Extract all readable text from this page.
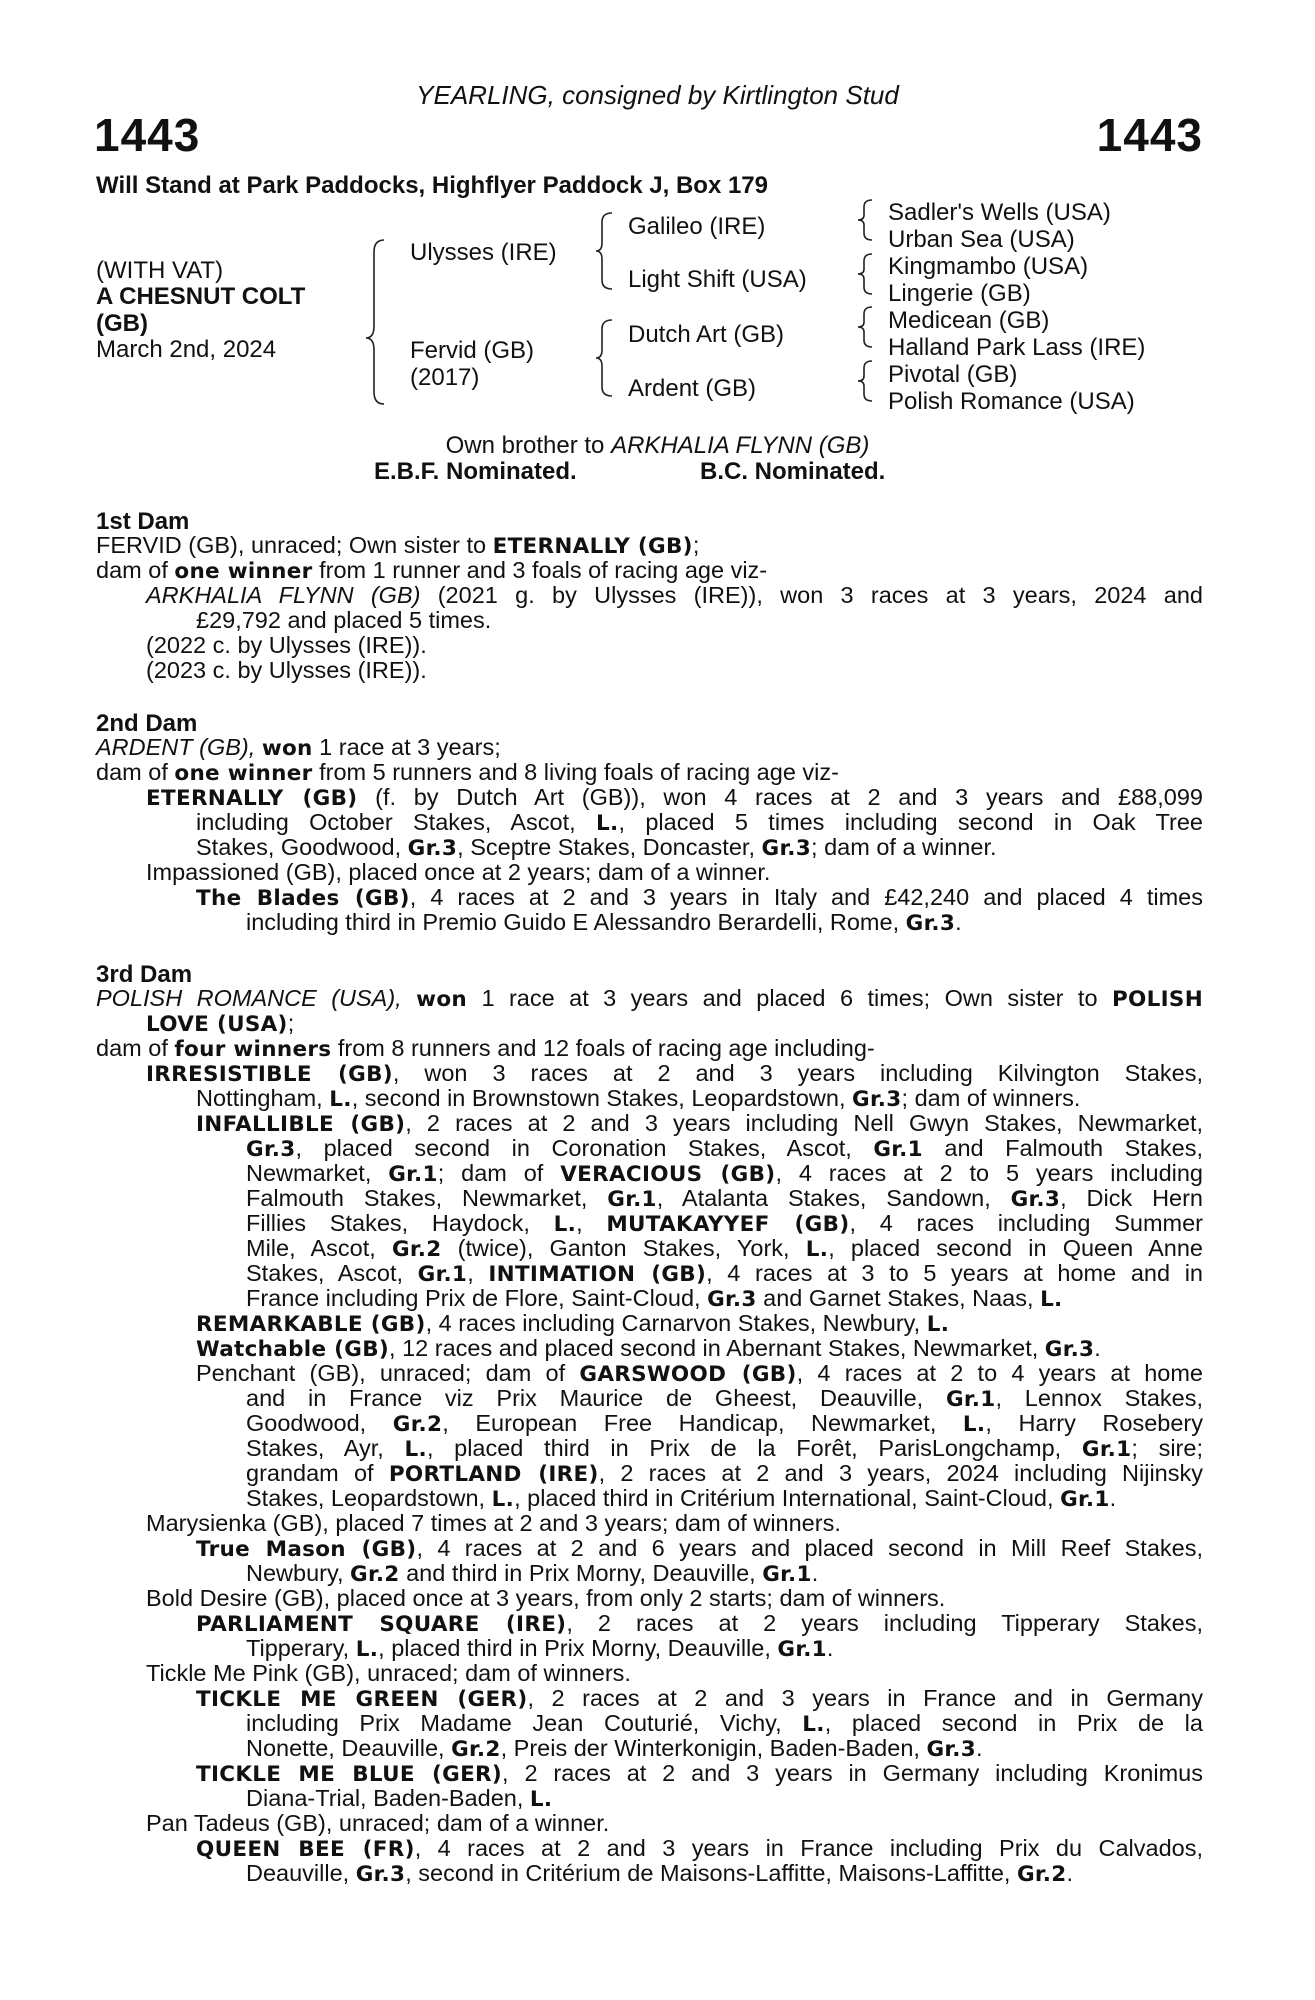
YEARLING, consigned by Kirtlington Stud
1443	1443
Will Stand at Park Paddocks, Highflyer Paddock J, Box 179
(WITH VAT)
A CHESNUT COLT
(GB)
March 2nd, 2024
Ulysses (IRE)
Fervid (GB)
(2017)
Galileo (IRE)
Light Shift (USA)
Dutch Art (GB)
Ardent (GB)
Sadler's Wells (USA)
Urban Sea (USA)
Kingmambo (USA)
Lingerie (GB)
Medicean (GB)
Halland Park Lass (IRE)
Pivotal (GB)
Polish Romance (USA)
Own brother to ARKHALIA FLYNN (GB)
E.B.F. Nominated.	B.C. Nominated.
1st Dam
FERVID (GB), unraced; Own sister to ETERNALLY (GB);
dam of one winner from 1 runner and 3 foals of racing age viz-
ARKHALIA FLYNN (GB) (2021 g. by Ulysses (IRE)), won 3 races at 3 years, 2024 and
£29,792 and placed 5 times.
(2022 c. by Ulysses (IRE)).
(2023 c. by Ulysses (IRE)).
2nd Dam
ARDENT (GB), won 1 race at 3 years;
dam of one winner from 5 runners and 8 living foals of racing age viz-
ETERNALLY (GB) (f. by Dutch Art (GB)), won 4 races at 2 and 3 years and £88,099
including October Stakes, Ascot, L., placed 5 times including second in Oak Tree
Stakes, Goodwood, Gr.3, Sceptre Stakes, Doncaster, Gr.3; dam of a winner.
Impassioned (GB), placed once at 2 years; dam of a winner.
The Blades (GB), 4 races at 2 and 3 years in Italy and £42,240 and placed 4 times
including third in Premio Guido E Alessandro Berardelli, Rome, Gr.3.
3rd Dam
POLISH ROMANCE (USA), won 1 race at 3 years and placed 6 times; Own sister to POLISH
LOVE (USA);
dam of four winners from 8 runners and 12 foals of racing age including-
IRRESISTIBLE (GB), won 3 races at 2 and 3 years including Kilvington Stakes,
Nottingham, L., second in Brownstown Stakes, Leopardstown, Gr.3; dam of winners.
INFALLIBLE (GB), 2 races at 2 and 3 years including Nell Gwyn Stakes, Newmarket,
Gr.3, placed second in Coronation Stakes, Ascot, Gr.1 and Falmouth Stakes,
Newmarket, Gr.1; dam of VERACIOUS (GB), 4 races at 2 to 5 years including
Falmouth Stakes, Newmarket, Gr.1, Atalanta Stakes, Sandown, Gr.3, Dick Hern
Fillies Stakes, Haydock, L., MUTAKAYYEF (GB), 4 races including Summer
Mile, Ascot, Gr.2 (twice), Ganton Stakes, York, L., placed second in Queen Anne
Stakes, Ascot, Gr.1, INTIMATION (GB), 4 races at 3 to 5 years at home and in
France including Prix de Flore, Saint-Cloud, Gr.3 and Garnet Stakes, Naas, L.
REMARKABLE (GB), 4 races including Carnarvon Stakes, Newbury, L.
Watchable (GB), 12 races and placed second in Abernant Stakes, Newmarket, Gr.3.
Penchant (GB), unraced; dam of GARSWOOD (GB), 4 races at 2 to 4 years at home
and in France viz Prix Maurice de Gheest, Deauville, Gr.1, Lennox Stakes,
Goodwood, Gr.2, European Free Handicap, Newmarket, L., Harry Rosebery
Stakes, Ayr, L., placed third in Prix de la Forêt, ParisLongchamp, Gr.1; sire;
grandam of PORTLAND (IRE), 2 races at 2 and 3 years, 2024 including Nijinsky
Stakes, Leopardstown, L., placed third in Critérium International, Saint-Cloud, Gr.1.
Marysienka (GB), placed 7 times at 2 and 3 years; dam of winners.
True Mason (GB), 4 races at 2 and 6 years and placed second in Mill Reef Stakes,
Newbury, Gr.2 and third in Prix Morny, Deauville, Gr.1.
Bold Desire (GB), placed once at 3 years, from only 2 starts; dam of winners.
PARLIAMENT SQUARE (IRE), 2 races at 2 years including Tipperary Stakes,
Tipperary, L., placed third in Prix Morny, Deauville, Gr.1.
Tickle Me Pink (GB), unraced; dam of winners.
TICKLE ME GREEN (GER), 2 races at 2 and 3 years in France and in Germany
including Prix Madame Jean Couturié, Vichy, L., placed second in Prix de la
Nonette, Deauville, Gr.2, Preis der Winterkonigin, Baden-Baden, Gr.3.
TICKLE ME BLUE (GER), 2 races at 2 and 3 years in Germany including Kronimus
Diana-Trial, Baden-Baden, L.
Pan Tadeus (GB), unraced; dam of a winner.
QUEEN BEE (FR), 4 races at 2 and 3 years in France including Prix du Calvados,
Deauville, Gr.3, second in Critérium de Maisons-Laffitte, Maisons-Laffitte, Gr.2.
